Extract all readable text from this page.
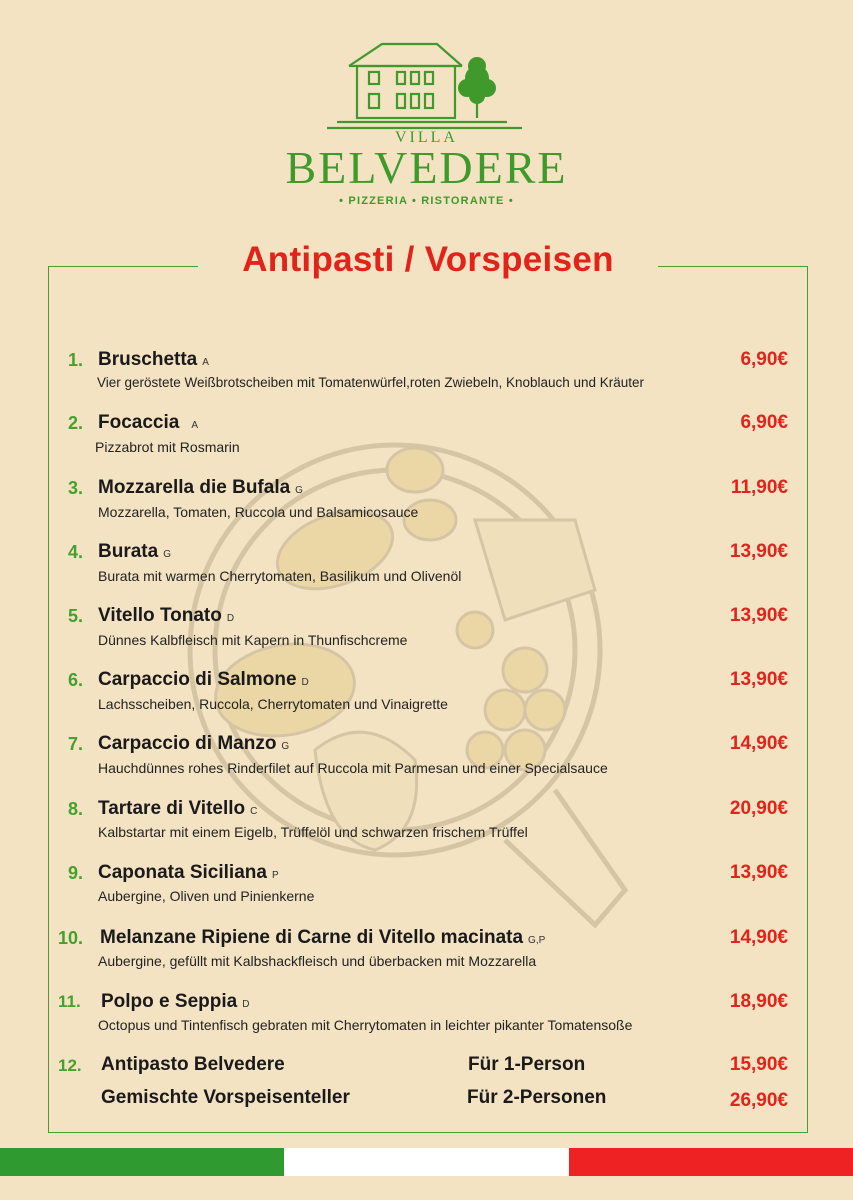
VILLA
BELVEDERE
• PIZZERIA • RISTORANTE •
Antipasti / Vorspeisen
1. Bruschetta A
Vier geröstete Weißbrotscheiben mit Tomatenwürfel,roten Zwiebeln, Knoblauch und Kräuter
6,90€
2. Focaccia A
Pizzabrot mit Rosmarin
6,90€
3. Mozzarella die Bufala G
Mozzarella, Tomaten, Ruccola und Balsamicosauce
11,90€
4. Burata G
Burata mit warmen Cherrytomaten, Basilikum und Olivenöl
13,90€
5. Vitello Tonato D
Dünnes Kalbfleisch mit Kapern in Thunfischcreme
13,90€
6. Carpaccio di Salmone D
Lachsscheiben, Ruccola, Cherrytomaten und Vinaigrette
13,90€
7. Carpaccio di Manzo G
Hauchdünnes rohes Rinderfilet auf Ruccola mit Parmesan und einer Specialsauce
14,90€
8. Tartare di Vitello C
Kalbstartar mit einem Eigelb, Trüffelöl und schwarzen frischem Trüffel
20,90€
9. Caponata Siciliana P
Aubergine, Oliven und Pinienkerne
13,90€
10. Melanzane Ripiene di Carne di Vitello macinata G,P
Aubergine, gefüllt mit Kalbshackfleisch und überbacken mit Mozzarella
14,90€
11. Polpo e Seppia D
Octopus und Tintenfisch gebraten mit Cherrytomaten in leichter pikanter Tomatensoße
18,90€
12. Antipasto Belvedere
Gemischte Vorspeisenteller
Für 1-Person
Für 2-Personen
15,90€
26,90€
